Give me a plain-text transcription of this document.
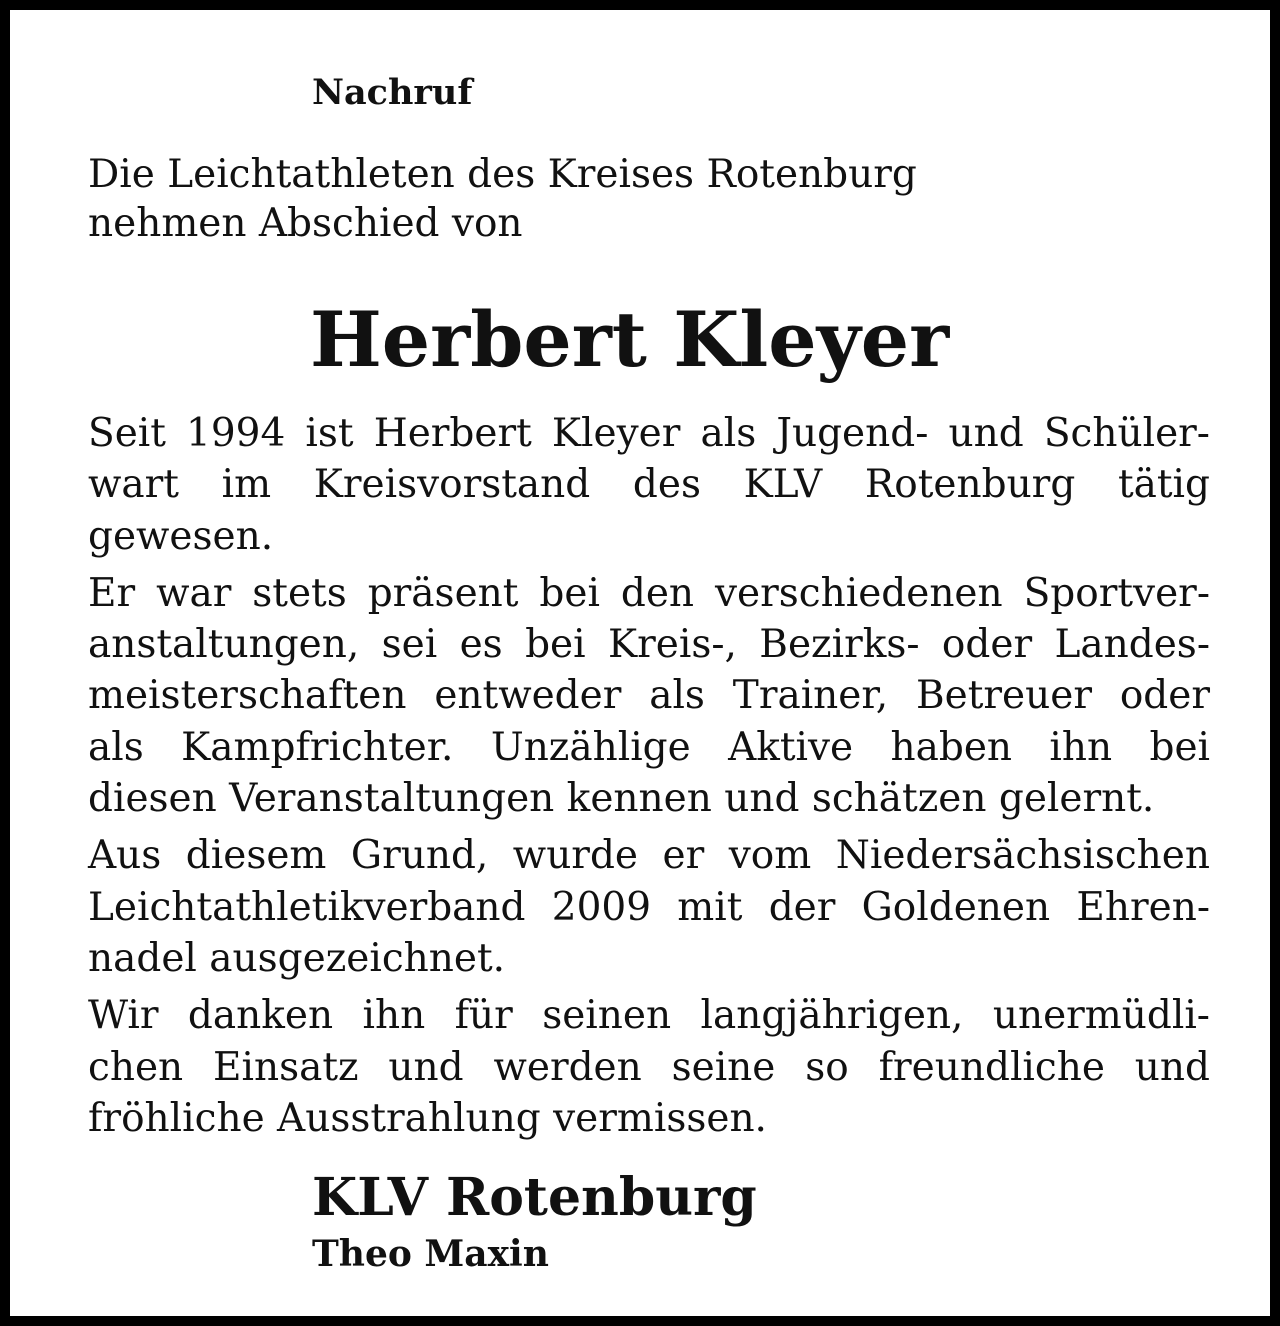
Nachruf

Die Leichtathleten des Kreises Rotenburg
nehmen Abschied von

Herbert Kleyer

Seit 1994 ist Herbert Kleyer als Jugend- und Schüler-
wart im Kreisvorstand des KLV Rotenburg tätig
gewesen.

Er war stets präsent bei den verschiedenen Sportver-
anstaltungen, sei es bei Kreis-, Bezirks- oder Landes-
meisterschaften entweder als Trainer, Betreuer oder
als Kampfrichter. Unzählige Aktive haben ihn bei
diesen Veranstaltungen kennen und schätzen gelernt.

Aus diesem Grund, wurde er vom Niedersächsischen
Leichtathletikverband 2009 mit der Goldenen Ehren-
nadel ausgezeichnet.

Wir danken ihn für seinen langjährigen, unermüdli-
chen Einsatz und werden seine so freundliche und
fröhliche Ausstrahlung vermissen.

KLV Rotenburg
Theo Maxin
